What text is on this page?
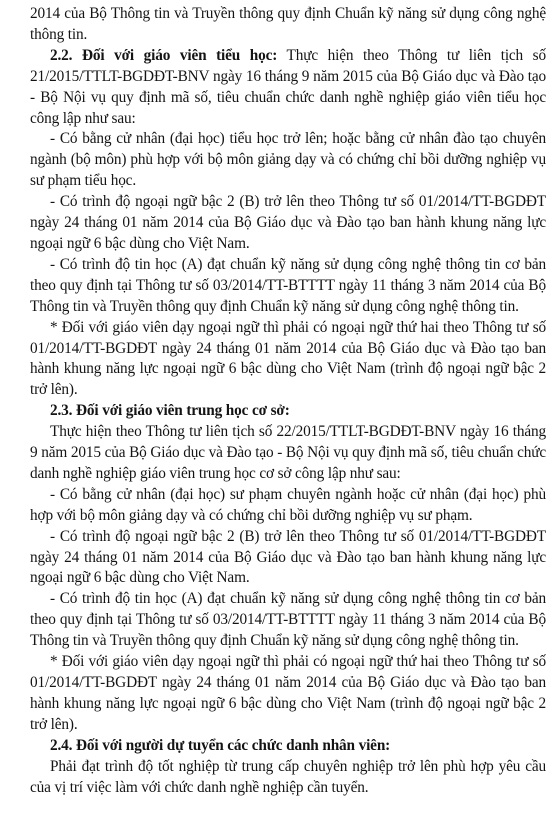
2014 của Bộ Thông tin và Truyền thông quy định Chuẩn kỹ năng sử dụng công nghệ thông tin.

2.2. Đối với giáo viên tiểu học: Thực hiện theo Thông tư liên tịch số 21/2015/TTLT-BGDĐT-BNV ngày 16 tháng 9 năm 2015 của Bộ Giáo dục và Đào tạo - Bộ Nội vụ quy định mã số, tiêu chuẩn chức danh nghề nghiệp giáo viên tiểu học công lập như sau:

- Có bằng cử nhân (đại học) tiểu học trở lên; hoặc bằng cử nhân đào tạo chuyên ngành (bộ môn) phù hợp với bộ môn giảng dạy và có chứng chỉ bồi dưỡng nghiệp vụ sư phạm tiểu học.

- Có trình độ ngoại ngữ bậc 2 (B) trở lên theo Thông tư số 01/2014/TT-BGDĐT ngày 24 tháng 01 năm 2014 của Bộ Giáo dục và Đào tạo ban hành khung năng lực ngoại ngữ 6 bậc dùng cho Việt Nam.

- Có trình độ tin học (A) đạt chuẩn kỹ năng sử dụng công nghệ thông tin cơ bản theo quy định tại Thông tư số 03/2014/TT-BTTTT ngày 11 tháng 3 năm 2014 của Bộ Thông tin và Truyền thông quy định Chuẩn kỹ năng sử dụng công nghệ thông tin.

* Đối với giáo viên dạy ngoại ngữ thì phải có ngoại ngữ thứ hai theo Thông tư số 01/2014/TT-BGDĐT ngày 24 tháng 01 năm 2014 của Bộ Giáo dục và Đào tạo ban hành khung năng lực ngoại ngữ 6 bậc dùng cho Việt Nam (trình độ ngoại ngữ bậc 2 trở lên).

2.3. Đối với giáo viên trung học cơ sở:

Thực hiện theo Thông tư liên tịch số 22/2015/TTLT-BGDĐT-BNV ngày 16 tháng 9 năm 2015 của Bộ Giáo dục và Đào tạo - Bộ Nội vụ quy định mã số, tiêu chuẩn chức danh nghề nghiệp giáo viên trung học cơ sở công lập như sau:

- Có bằng cử nhân (đại học) sư phạm chuyên ngành hoặc cử nhân (đại học) phù hợp với bộ môn giảng dạy và có chứng chỉ bồi dưỡng nghiệp vụ sư phạm.

- Có trình độ ngoại ngữ bậc 2 (B) trở lên theo Thông tư số 01/2014/TT-BGDĐT ngày 24 tháng 01 năm 2014 của Bộ Giáo dục và Đào tạo ban hành khung năng lực ngoại ngữ 6 bậc dùng cho Việt Nam.

- Có trình độ tin học (A) đạt chuẩn kỹ năng sử dụng công nghệ thông tin cơ bản theo quy định tại Thông tư số 03/2014/TT-BTTTT ngày 11 tháng 3 năm 2014 của Bộ Thông tin và Truyền thông quy định Chuẩn kỹ năng sử dụng công nghệ thông tin.

* Đối với giáo viên dạy ngoại ngữ thì phải có ngoại ngữ thứ hai theo Thông tư số 01/2014/TT-BGDĐT ngày 24 tháng 01 năm 2014 của Bộ Giáo dục và Đào tạo ban hành khung năng lực ngoại ngữ 6 bậc dùng cho Việt Nam (trình độ ngoại ngữ bậc 2 trở lên).

2.4. Đối với người dự tuyển các chức danh nhân viên:

Phải đạt trình độ tốt nghiệp từ trung cấp chuyên nghiệp trở lên phù hợp yêu cầu của vị trí việc làm với chức danh nghề nghiệp cần tuyển.
